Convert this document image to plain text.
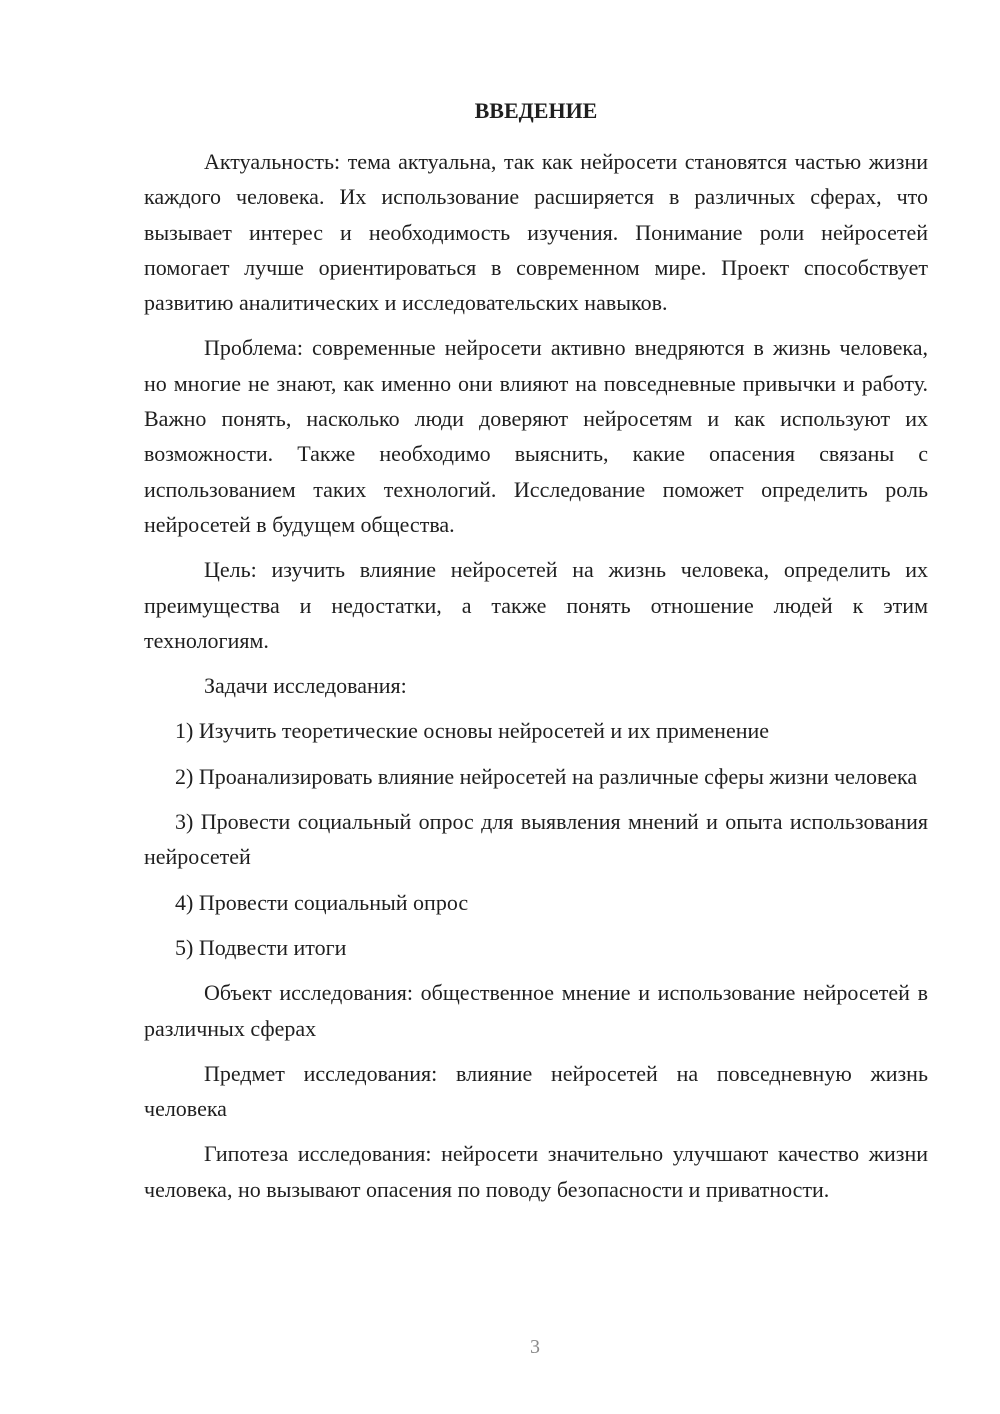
ВВЕДЕНИЕ

Актуальность: тема актуальна, так как нейросети становятся частью жизни каждого человека. Их использование расширяется в различных сферах, что вызывает интерес и необходимость изучения. Понимание роли нейросетей помогает лучше ориентироваться в современном мире. Проект способствует развитию аналитических и исследовательских навыков.

Проблема: современные нейросети активно внедряются в жизнь человека, но многие не знают, как именно они влияют на повседневные привычки и работу. Важно понять, насколько люди доверяют нейросетям и как используют их возможности. Также необходимо выяснить, какие опасения связаны с использованием таких технологий. Исследование поможет определить роль нейросетей в будущем общества.

Цель: изучить влияние нейросетей на жизнь человека, определить их преимущества и недостатки, а также понять отношение людей к этим технологиям.

Задачи исследования:

1) Изучить теоретические основы нейросетей и их применение

2) Проанализировать влияние нейросетей на различные сферы жизни человека

3) Провести социальный опрос для выявления мнений и опыта использования нейросетей

4) Провести социальный опрос

5) Подвести итоги

Объект исследования: общественное мнение и использование нейросетей в различных сферах

Предмет исследования: влияние нейросетей на повседневную жизнь человека

Гипотеза исследования: нейросети значительно улучшают качество жизни человека, но вызывают опасения по поводу безопасности и приватности.

3
